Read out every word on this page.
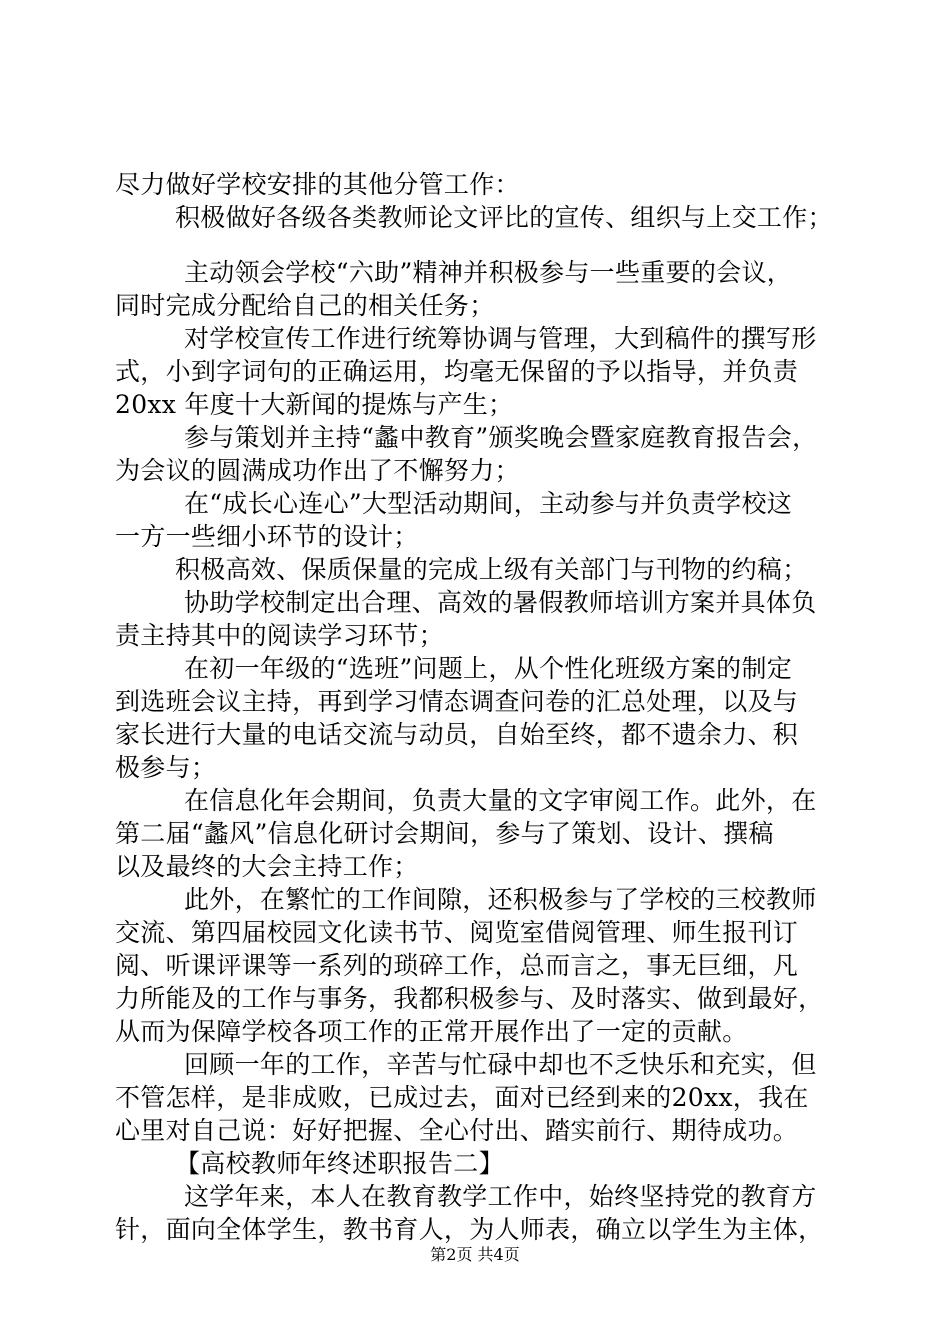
尽力做好学校安排的其他分管工作：
积极做好各级各类教师论文评比的宣传、组织与上交工作；
主动领会学校“六助”精神并积极参与一些重要的会议，
同时完成分配给自己的相关任务；
对学校宣传工作进行统筹协调与管理，大到稿件的撰写形
式，小到字词句的正确运用，均毫无保留的予以指导，并负责
20xx 年度十大新闻的提炼与产生；
参与策划并主持“蠡中教育”颁奖晚会暨家庭教育报告会，
为会议的圆满成功作出了不懈努力；
在“成长心连心”大型活动期间，主动参与并负责学校这
一方一些细小环节的设计；
积极高效、保质保量的完成上级有关部门与刊物的约稿；
协助学校制定出合理、高效的暑假教师培训方案并具体负
责主持其中的阅读学习环节；
在初一年级的“选班”问题上，从个性化班级方案的制定
到选班会议主持，再到学习情态调查问卷的汇总处理，以及与
家长进行大量的电话交流与动员，自始至终，都不遗余力、积
极参与；
在信息化年会期间，负责大量的文字审阅工作。此外，在
第二届“蠡风”信息化研讨会期间，参与了策划、设计、撰稿
以及最终的大会主持工作；
此外，在繁忙的工作间隙，还积极参与了学校的三校教师
交流、第四届校园文化读书节、阅览室借阅管理、师生报刊订
阅、听课评课等一系列的琐碎工作，总而言之，事无巨细，凡
力所能及的工作与事务，我都积极参与、及时落实、做到最好，
从而为保障学校各项工作的正常开展作出了一定的贡献。
回顾一年的工作，辛苦与忙碌中却也不乏快乐和充实，但
不管怎样，是非成败，已成过去，面对已经到来的20xx，我在
心里对自己说：好好把握、全心付出、踏实前行、期待成功。
【高校教师年终述职报告二】
这学年来，本人在教育教学工作中，始终坚持党的教育方
针，面向全体学生，教书育人，为人师表，确立以学生为主体，
第2页 共4页
